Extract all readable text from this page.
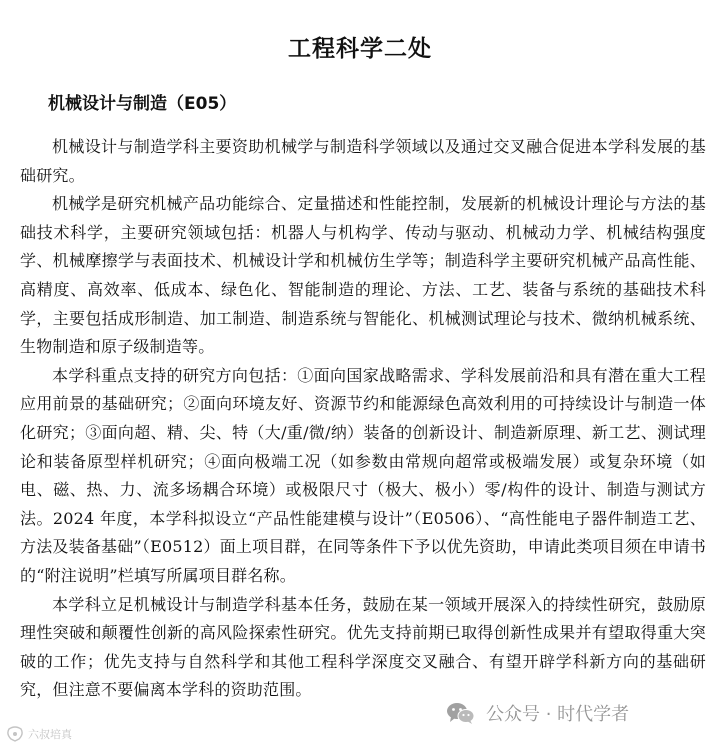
工程科学二处
机械设计与制造（E05）

机械设计与制造学科主要资助机械学与制造科学领域以及通过交叉融合促进本学科发展的基础研究。

机械学是研究机械产品功能综合、定量描述和性能控制，发展新的机械设计理论与方法的基础技术科学，主要研究领域包括：机器人与机构学、传动与驱动、机械动力学、机械结构强度学、机械摩擦学与表面技术、机械设计学和机械仿生学等；制造科学主要研究机械产品高性能、高精度、高效率、低成本、绿色化、智能制造的理论、方法、工艺、装备与系统的基础技术科学，主要包括成形制造、加工制造、制造系统与智能化、机械测试理论与技术、微纳机械系统、生物制造和原子级制造等。

本学科重点支持的研究方向包括：①面向国家战略需求、学科发展前沿和具有潜在重大工程应用前景的基础研究；②面向环境友好、资源节约和能源绿色高效利用的可持续设计与制造一体化研究；③面向超、精、尖、特（大/重/微/纳）装备的创新设计、制造新原理、新工艺、测试理论和装备原型样机研究；④面向极端工况（如参数由常规向超常或极端发展）或复杂环境（如电、磁、热、力、流多场耦合环境）或极限尺寸（极大、极小）零/构件的设计、制造与测试方法。2024 年度，本学科拟设立“产品性能建模与设计”（E0506）、“高性能电子器件制造工艺、方法及装备基础”（E0512）面上项目群，在同等条件下予以优先资助，申请此类项目须在申请书的“附注说明”栏填写所属项目群名称。

本学科立足机械设计与制造学科基本任务，鼓励在某一领域开展深入的持续性研究，鼓励原理性突破和颠覆性创新的高风险探索性研究。优先支持前期已取得创新性成果并有望取得重大突破的工作；优先支持与自然科学和其他工程科学深度交叉融合、有望开辟学科新方向的基础研究，但注意不要偏离本学科的资助范围。

公众号 · 时代学者
六叔培真
